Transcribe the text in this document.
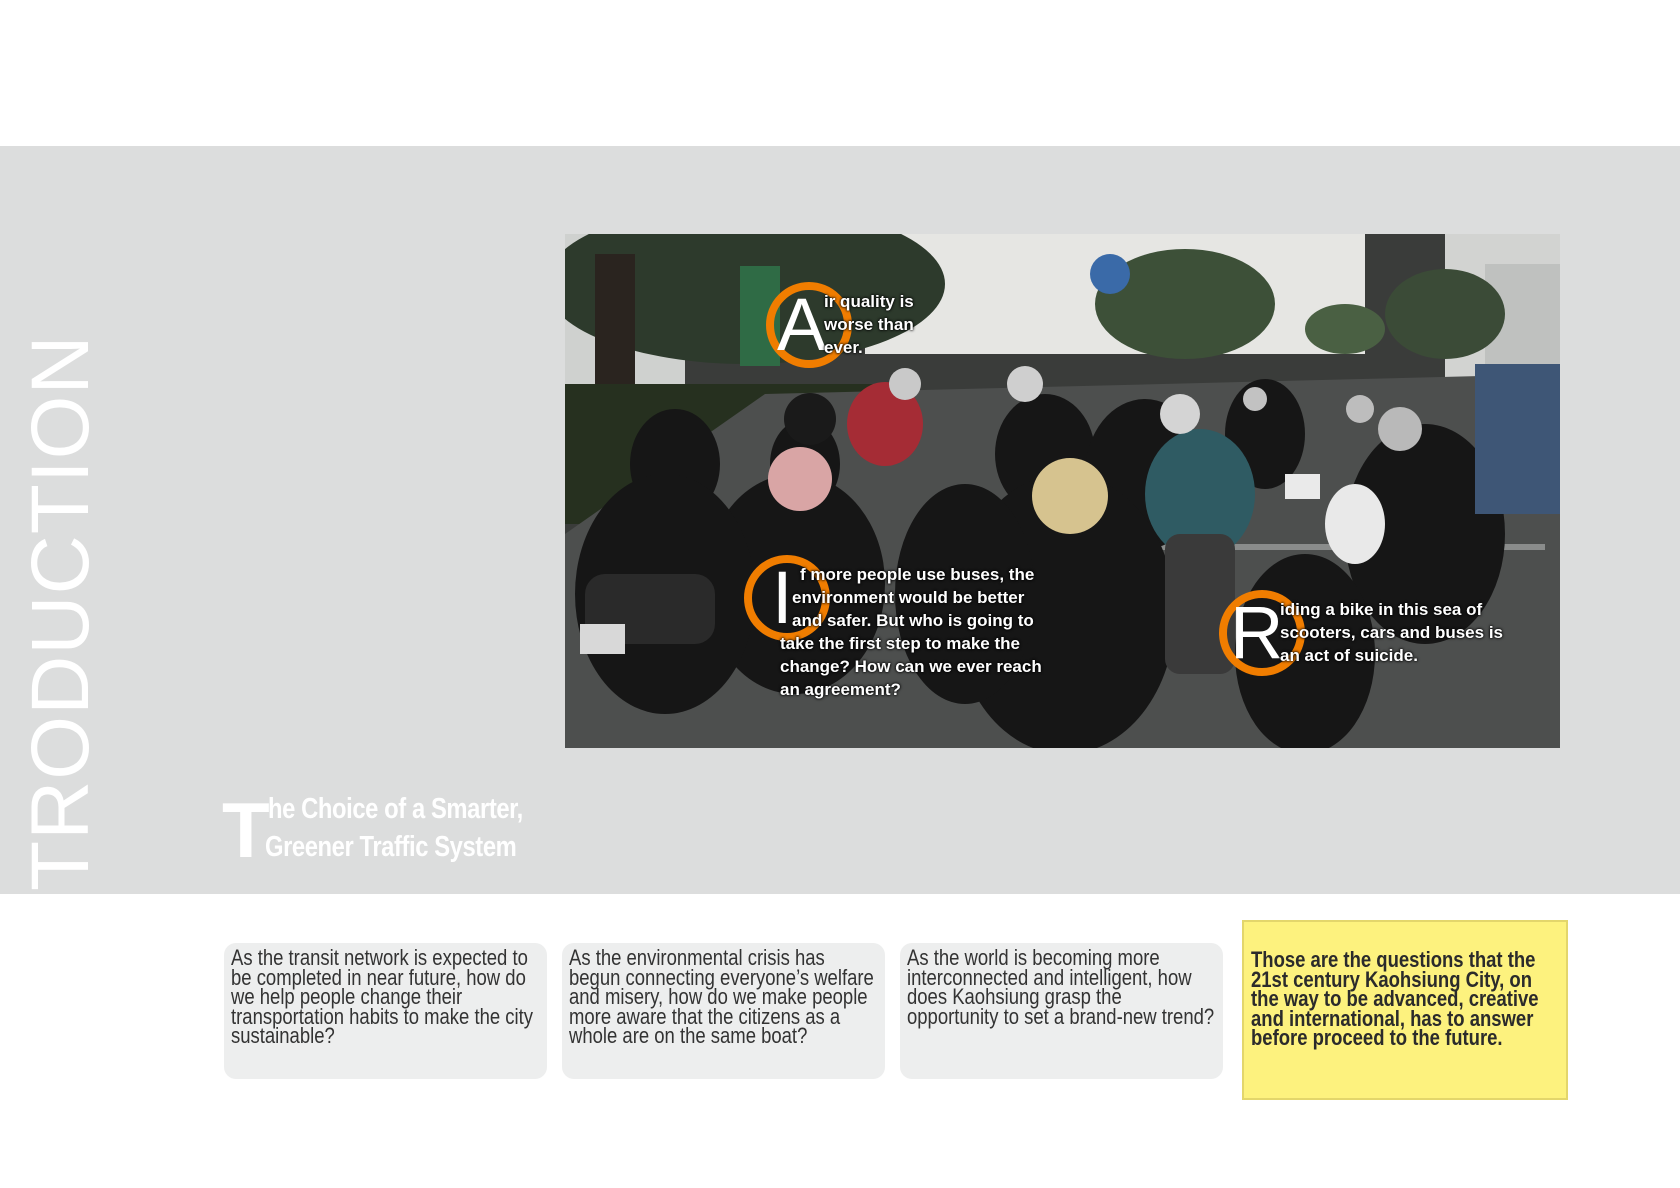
INTRODUCTION
A
ir quality is
worse than
ever.
I f more people use buses, the
environment would be better
and safer. But who is going to
take the first step to make the
change? How can we ever reach
an agreement?
R
iding a bike in this sea of
scooters, cars and buses is
an act of suicide.
T
he Choice of a Smarter,
Greener Traffic System

As the transit network is expected to be completed in near future, how do we help people change their transportation habits to make the city sustainable?

As the environmental crisis has begun connecting everyone’s welfare and misery, how do we make people more aware that the citizens as a whole are on the same boat?

As the world is becoming more interconnected and intelligent, how does Kaohsiung grasp the opportunity to set a brand-new trend?

Those are the questions that the 21st century Kaohsiung City, on the way to be advanced, creative and international, has to answer before proceed to the future.
